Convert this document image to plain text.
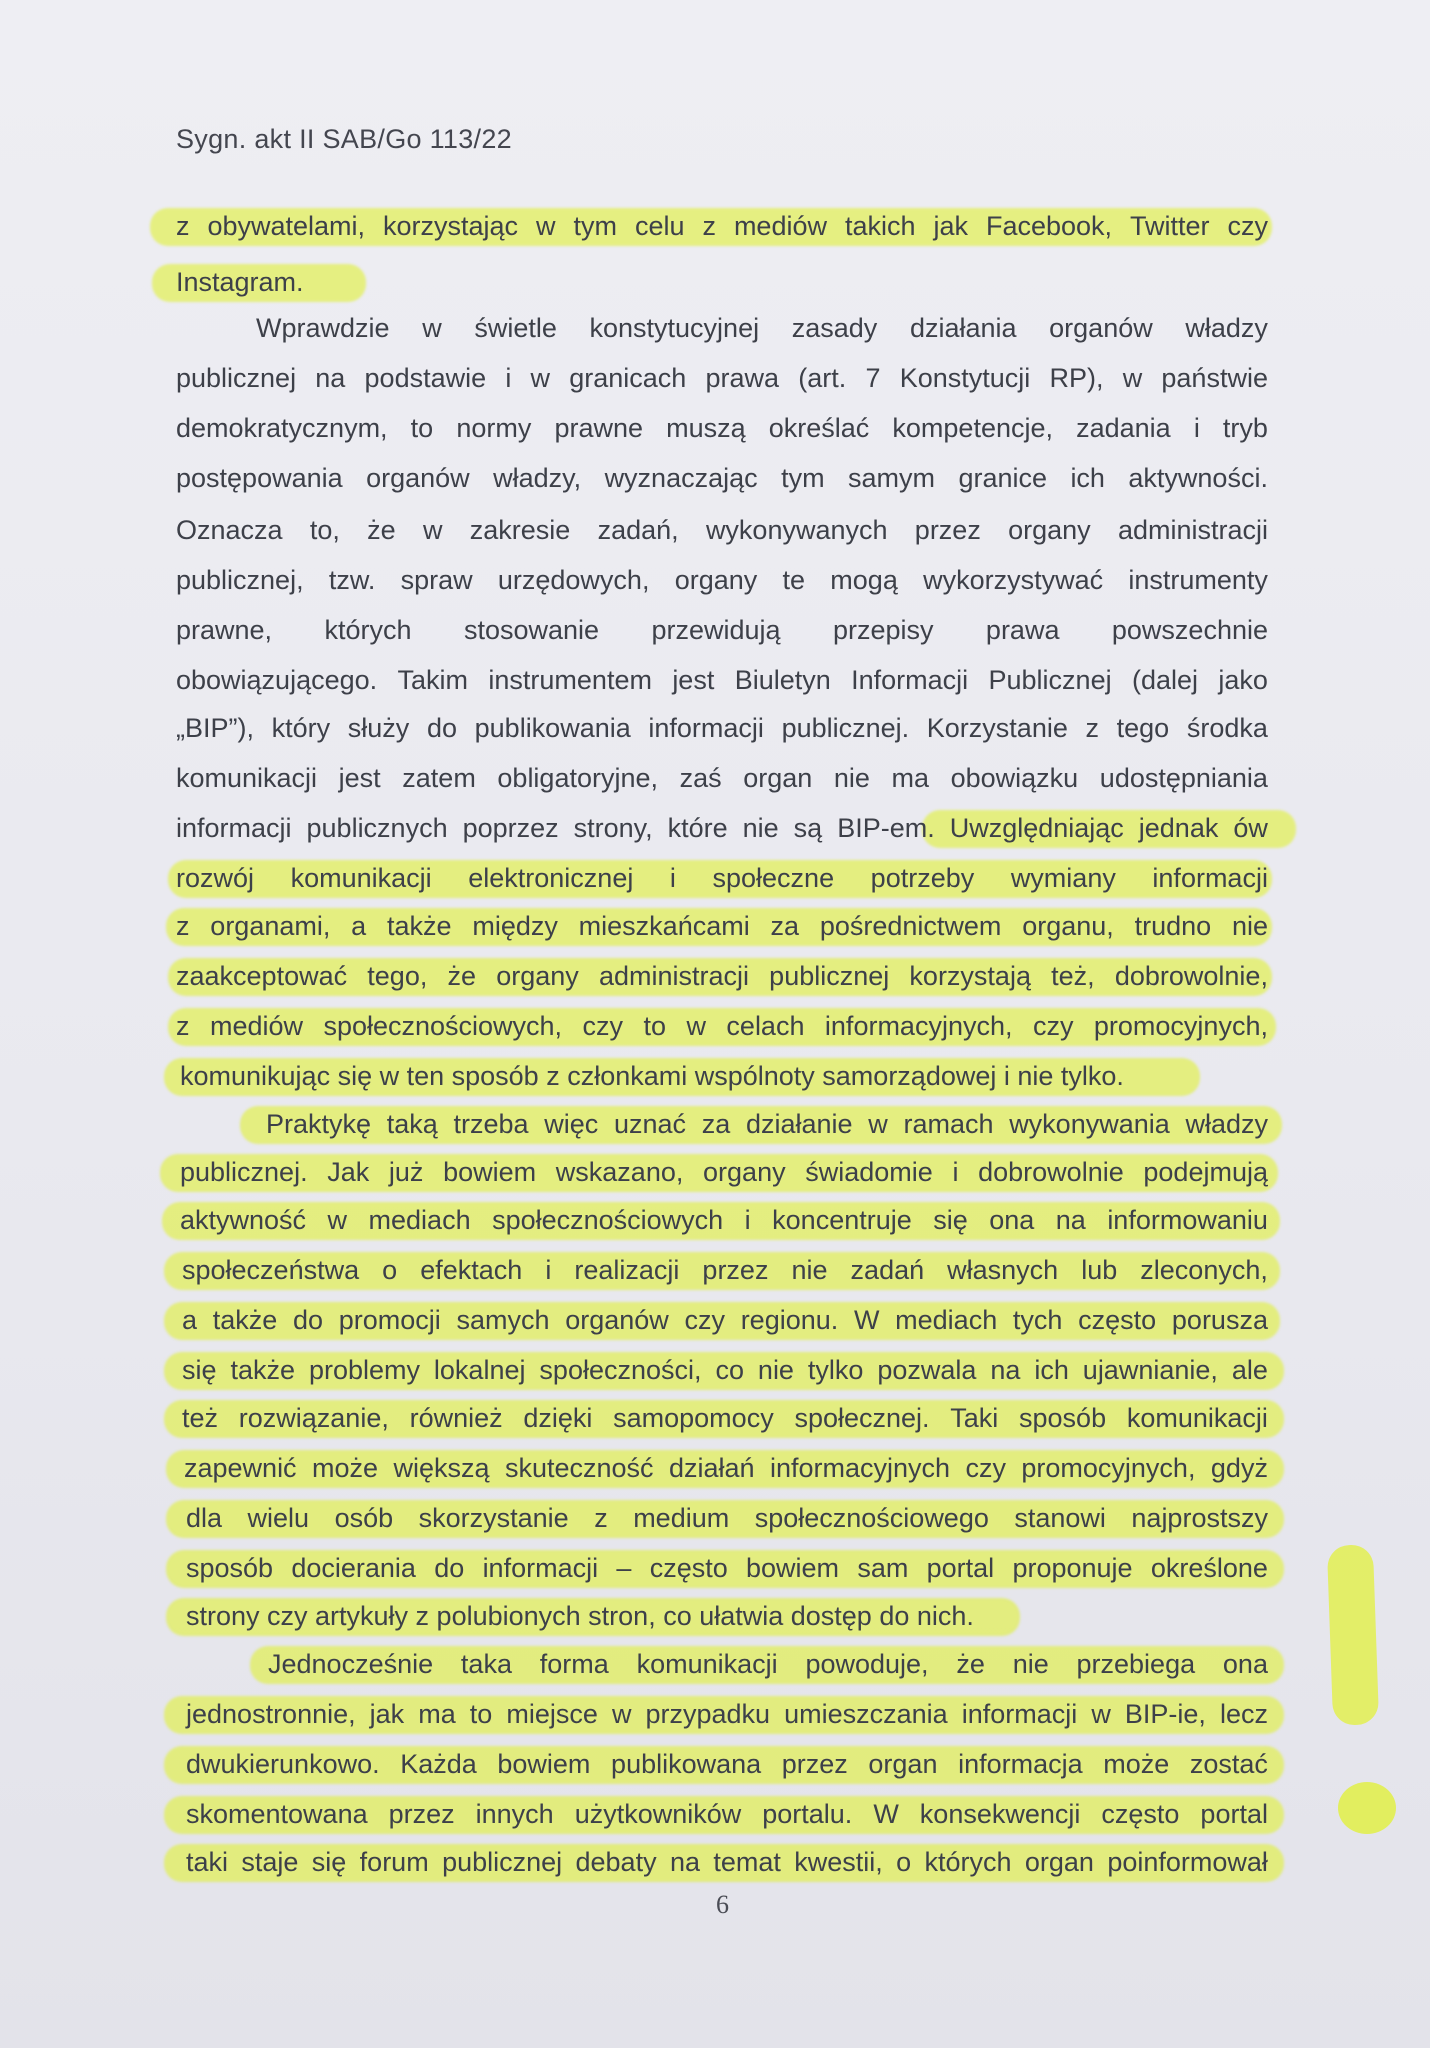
Sygn. akt II SAB/Go 113/22
z obywatelami, korzystając w tym celu z mediów takich jak Facebook, Twitter czy
Instagram.
Wprawdzie w świetle konstytucyjnej zasady działania organów władzy
publicznej na podstawie i w granicach prawa (art. 7 Konstytucji RP), w państwie
demokratycznym, to normy prawne muszą określać kompetencje, zadania i tryb
postępowania organów władzy, wyznaczając tym samym granice ich aktywności.
Oznacza to, że w zakresie zadań, wykonywanych przez organy administracji
publicznej, tzw. spraw urzędowych, organy te mogą wykorzystywać instrumenty
prawne, których stosowanie przewidują przepisy prawa powszechnie
obowiązującego. Takim instrumentem jest Biuletyn Informacji Publicznej (dalej jako
„BIP”), który służy do publikowania informacji publicznej. Korzystanie z tego środka
komunikacji jest zatem obligatoryjne, zaś organ nie ma obowiązku udostępniania
informacji publicznych poprzez strony, które nie są BIP-em. Uwzględniając jednak ów
rozwój komunikacji elektronicznej i społeczne potrzeby wymiany informacji
z organami, a także między mieszkańcami za pośrednictwem organu, trudno nie
zaakceptować tego, że organy administracji publicznej korzystają też, dobrowolnie,
z mediów społecznościowych, czy to w celach informacyjnych, czy promocyjnych,
komunikując się w ten sposób z członkami wspólnoty samorządowej i nie tylko.
Praktykę taką trzeba więc uznać za działanie w ramach wykonywania władzy
publicznej. Jak już bowiem wskazano, organy świadomie i dobrowolnie podejmują
aktywność w mediach społecznościowych i koncentruje się ona na informowaniu
społeczeństwa o efektach i realizacji przez nie zadań własnych lub zleconych,
a także do promocji samych organów czy regionu. W mediach tych często porusza
się także problemy lokalnej społeczności, co nie tylko pozwala na ich ujawnianie, ale
też rozwiązanie, również dzięki samopomocy społecznej. Taki sposób komunikacji
zapewnić może większą skuteczność działań informacyjnych czy promocyjnych, gdyż
dla wielu osób skorzystanie z medium społecznościowego stanowi najprostszy
sposób docierania do informacji – często bowiem sam portal proponuje określone
strony czy artykuły z polubionych stron, co ułatwia dostęp do nich.
Jednocześnie taka forma komunikacji powoduje, że nie przebiega ona
jednostronnie, jak ma to miejsce w przypadku umieszczania informacji w BIP-ie, lecz
dwukierunkowo. Każda bowiem publikowana przez organ informacja może zostać
skomentowana przez innych użytkowników portalu. W konsekwencji często portal
taki staje się forum publicznej debaty na temat kwestii, o których organ poinformował
6
